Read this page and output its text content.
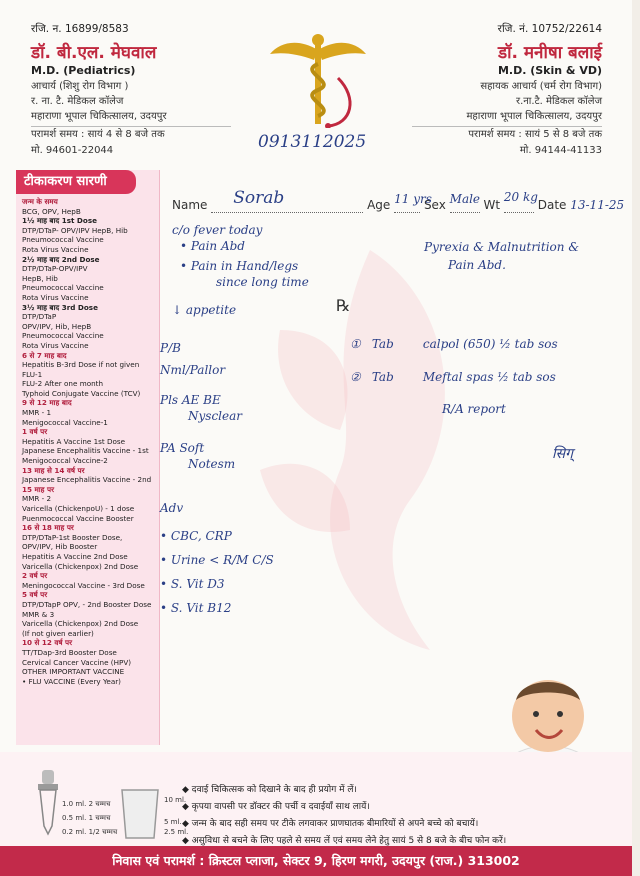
रजि. न. 16899/8583
डॉ. बी.एल. मेघवाल
M.D. (Pediatrics)
आचार्य (शिशु रोग विभाग )
र. ना. टै. मेडिकल कॉलेज
महाराणा भूपाल चिकित्सालय, उदयपुर
परामर्श समय : सायं 4 से 8 बजे तक
मो. 94601-22044
रजि. नं. 10752/22614
डॉ. मनीषा बलाई
M.D. (Skin & VD)
सहायक आचार्य (चर्म रोग विभाग)
र.ना.टै. मेडिकल कॉलेज
महाराणा भूपाल चिकित्सालय, उदयपुर
परामर्श समय : सायं 5 से 8 बजे तक
मो. 94144-41133
0913112025
टीकाकरण सारणी
जन्म के समय
BCG, OPV, HepB
1½ माह बाद 1st Dose
DTP/DTaP- OPV/IPV HepB, Hib
Pneumococcal Vaccine
Rota Virus Vaccine
2½ माह बाद 2nd Dose
DTP/DTaP-OPV/IPV
HepB, Hib
Pneumococcal Vaccine
Rota Virus Vaccine
3½ माह बाद 3rd Dose
DTP/DTaP
OPV/IPV, Hib, HepB
Pneumococcal Vaccine
Rota Virus Vaccine
6 से 7 माह बाद
Hepatitis B-3rd Dose if not given
FLU-1
FLU-2 After one month
Typhoid Conjugate Vaccine (TCV)
9 से 12 माह बाद
MMR - 1
Menigococcal Vaccine-1
1 वर्ष पर
Hepatitis A Vaccine 1st Dose
Japanese Encephalitis Vaccine - 1st
Menigococcal Vaccine-2
13 माह से 14 वर्ष पर
Japanese Encephalitis Vaccine - 2nd
15 माह पर
MMR - 2
Varicella (ChickenpoU) - 1 dose
Puenmococcal Vaccine Booster
16 से 18 माह पर
DTP/DTaP-1st Booster Dose,
OPV/IPV, Hib Booster
Hepatitis A Vaccine 2nd Dose
Varicella (Chickenpox) 2nd Dose
2 वर्ष पर
Meningococcal Vaccine - 3rd Dose
5 वर्ष पर
DTP/DTapP OPV, - 2nd Booster Dose
MMR & 3
Varicella (Chickenpox) 2nd Dose
(If not given earlier)
10 से 12 वर्ष पर
TT/TDap-3rd Booster Dose
Cervical Cancer Vaccine (HPV)
OTHER IMPORTANT VACCINE
• FLU VACCINE (Every Year)
Name Sorab	Age 11 yrs
Sex Male Wt
20 kg
Date 13-11-25
c/o fever today
• Pain Abd
• Pain in Hand/legs
since long time
↓ appetite
P/B
Nml/Pallor
Pls AE BE
Nysclear
PA Soft
Notesm
Adv
• CBC, CRP
• Urine < R/M C/S
• S. Vit D3
• S. Vit B12
Pyrexia & Malnutrition &
Pain Abd.
℞
① Tab calpol (650) ½ tab sos
② Tab Meftal spas ½ tab sos
R/A report
सिग्
1.0 ml. 2 चम्मच
0.5 ml. 1 चम्मच
0.2 ml. 1/2 चम्मच
10 ml.
5 ml.
2.5 ml.
◆ दवाई चिकित्सक को दिखाने के बाद ही प्रयोग में लें।
◆ कृपया वापसी पर डॉक्टर की पर्ची व दवाईयाँ साथ लायें।
◆ जन्म के बाद सही समय पर टीके लगवाकर प्राणघातक बीमारियों से अपने बच्चे को बचायें।
◆ असुविधा से बचने के लिए पहले से समय लें एवं समय लेने हेतु सायं 5 से 8 बजे के बीच फोन करें।
निवास एवं परामर्श : क्रिस्टल प्लाजा, सेक्टर 9, हिरण मगरी, उदयपुर (राज.) 313002
